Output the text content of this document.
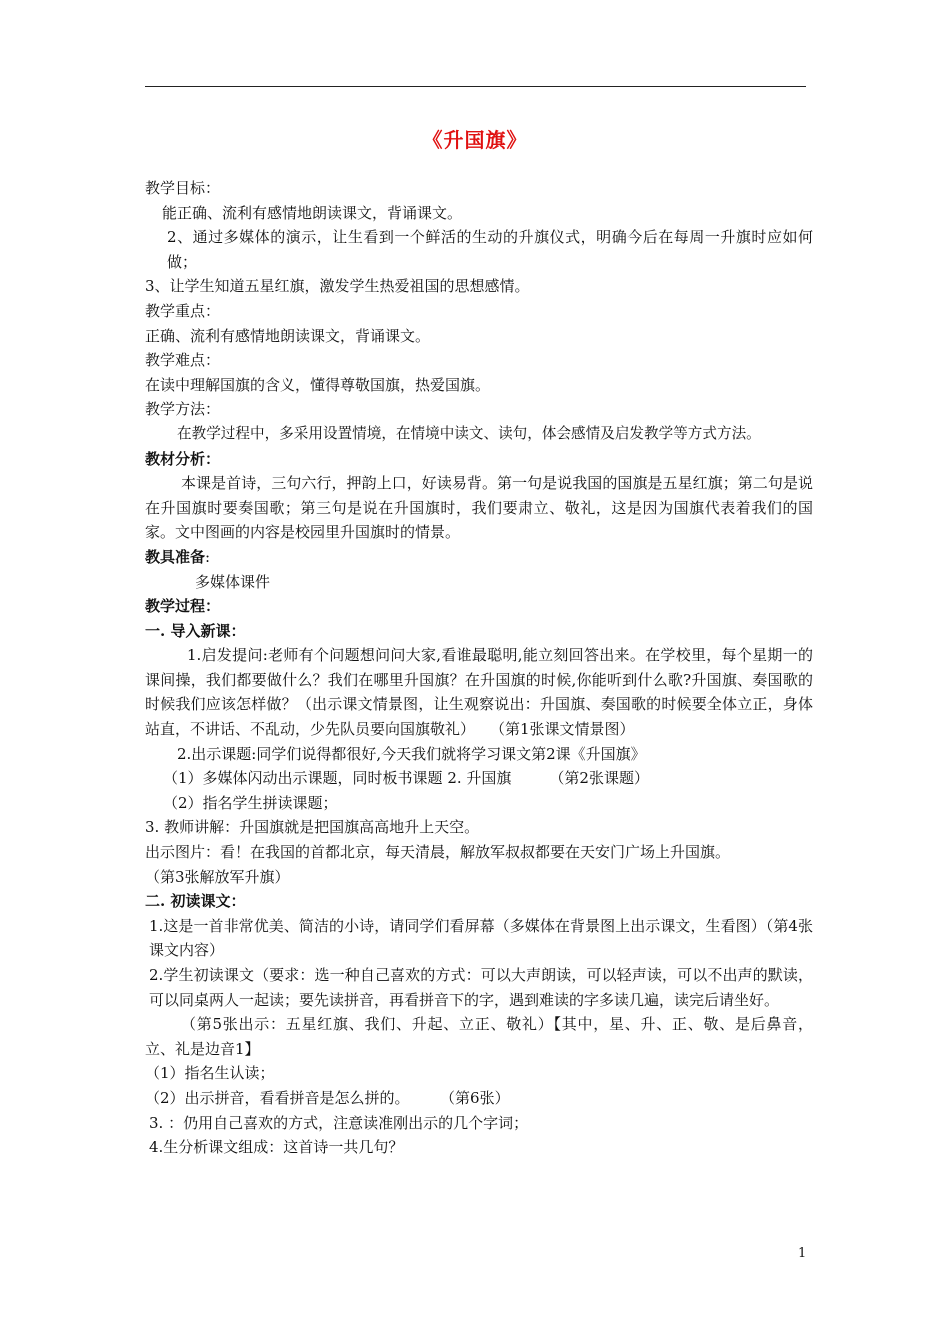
《升国旗》

教学目标：

能正确、流利有感情地朗读课文，背诵课文。

2、通过多媒体的演示，让生看到一个鲜活的生动的升旗仪式，明确今后在每周一升旗时应如何做；

3、让学生知道五星红旗，激发学生热爱祖国的思想感情。

教学重点：

正确、流利有感情地朗读课文，背诵课文。

教学难点：

在读中理解国旗的含义，懂得尊敬国旗，热爱国旗。

教学方法：

在教学过程中，多采用设置情境，在情境中读文、读句，体会感情及启发教学等方式方法。

教材分析：

本课是首诗，三句六行，押韵上口，好读易背。第一句是说我国的国旗是五星红旗；第二句是说在升国旗时要奏国歌；第三句是说在升国旗时，我们要肃立、敬礼，这是因为国旗代表着我们的国家。文中图画的内容是校园里升国旗时的情景。

教具准备:

多媒体课件

教学过程：

一. 导入新课：

1.启发提问:老师有个问题想问问大家,看谁最聪明,能立刻回答出来。在学校里，每个星期一的课间操，我们都要做什么？我们在哪里升国旗？在升国旗的时候,你能听到什么歌?升国旗、奏国歌的时候我们应该怎样做？（出示课文情景图，让生观察说出：升国旗、奏国歌的时候要全体立正，身体站直，不讲话、不乱动，少先队员要向国旗敬礼）　　（第1张课文情景图）

2.出示课题:同学们说得都很好,今天我们就将学习课文第2课《升国旗》

（1）多媒体闪动出示课题，同时板书课题 2. 升国旗	（第2张课题）

（2）指名学生拼读课题；

3. 教师讲解：升国旗就是把国旗高高地升上天空。

出示图片：看！在我国的首都北京，每天清晨，解放军叔叔都要在天安门广场上升国旗。

（第3张解放军升旗）

二. 初读课文：

1.这是一首非常优美、简洁的小诗，请同学们看屏幕（多媒体在背景图上出示课文，生看图）（第4张课文内容）

2.学生初读课文（要求：选一种自己喜欢的方式：可以大声朗读，可以轻声读，可以不出声的默读，可以同桌两人一起读；要先读拼音，再看拼音下的字，遇到难读的字多读几遍，读完后请坐好。

（第5张出示：五星红旗、我们、升起、立正、敬礼）【其中，星、升、正、敬、是后鼻音，立、礼是边音1】

（1）指名生认读；

（2）出示拼音，看看拼音是怎么拼的。	（第6张）

3. ：仍用自己喜欢的方式，注意读准刚出示的几个字词；

4.生分析课文组成：这首诗一共几句？

1
